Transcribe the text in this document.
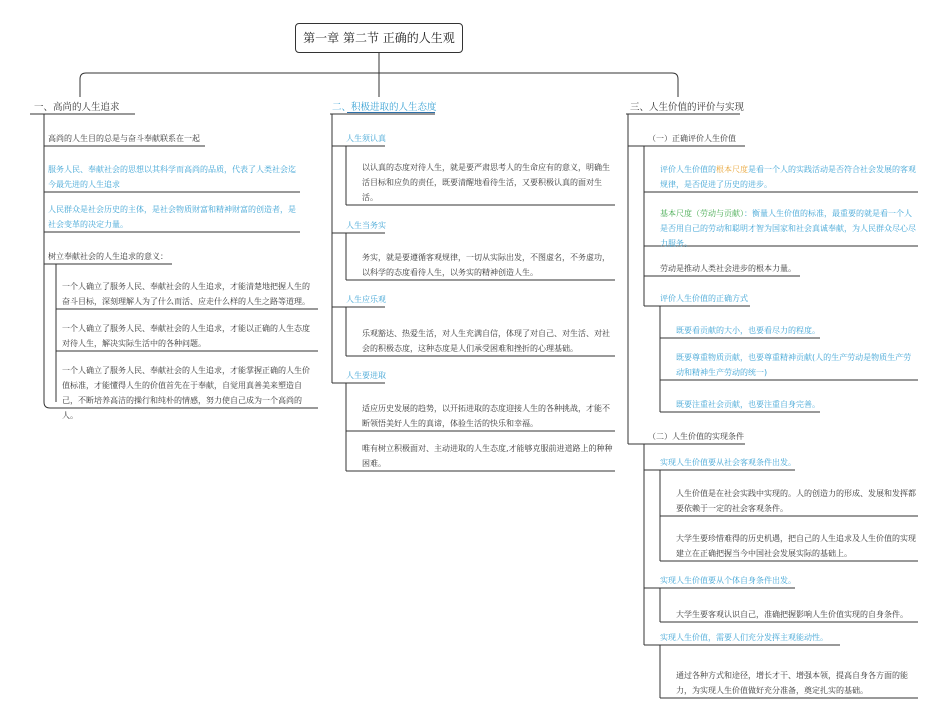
第一章 第二节 正确的人生观
一、高尚的人生追求
高尚的人生目的总是与奋斗奉献联系在一起
服务人民、奉献社会的思想以其科学而高尚的品质，代表了人类社会迄今最先进的人生追求
人民群众是社会历史的主体，是社会物质财富和精神财富的创造者，是社会变革的决定力量。
树立奉献社会的人生追求的意义：
一个人确立了服务人民、奉献社会的人生追求，才能清楚地把握人生的奋斗目标，深刻理解人为了什么而活、应走什么样的人生之路等道理。
一个人确立了服务人民、奉献社会的人生追求，才能以正确的人生态度对待人生，解决实际生活中的各种问题。
一个人确立了服务人民、奉献社会的人生追求，才能掌握正确的人生价值标准，才能懂得人生的价值首先在于奉献，自觉用真善美来塑造自己，不断培养高洁的操行和纯朴的情感，努力使自己成为一个高尚的人。
二、积极进取的人生态度
人生须认真
以认真的态度对待人生，就是要严肃思考人的生命应有的意义，明确生活目标和应负的责任，既要清醒地看待生活，又要积极认真的面对生活。
人生当务实
务实，就是要遵循客观规律，一切从实际出发，不图虚名，不务虚功，以科学的态度看待人生，以务实的精神创造人生。
人生应乐观
乐观豁达、热爱生活，对人生充满自信，体现了对自己、对生活、对社会的积极态度，这种态度是人们承受困难和挫折的心理基础。
人生要进取
适应历史发展的趋势，以开拓进取的态度迎接人生的各种挑战，才能不断领悟美好人生的真谛，体验生活的快乐和幸福。
唯有树立积极面对、主动进取的人生态度,才能够克服前进道路上的种种困难。
三、人生价值的评价与实现
（一）正确评价人生价值
评价人生价值的根本尺度是看一个人的实践活动是否符合社会发展的客观规律，是否促进了历史的进步。
基本尺度（劳动与贡献）：衡量人生价值的标准，最重要的就是看一个人是否用自己的劳动和聪明才智为国家和社会真诚奉献，为人民群众尽心尽力服务。
劳动是推动人类社会进步的根本力量。
评价人生价值的正确方式
既要看贡献的大小，也要看尽力的程度。
既要尊重物质贡献，也要尊重精神贡献(人的生产劳动是物质生产劳动和精神生产劳动的统一)
既要注重社会贡献，也要注重自身完善。
（二）人生价值的实现条件
实现人生价值要从社会客观条件出发。
人生价值是在社会实践中实现的。人的创造力的形成、发展和发挥都要依赖于一定的社会客观条件。
大学生要珍惜难得的历史机遇，把自己的人生追求及人生价值的实现建立在正确把握当今中国社会发展实际的基础上。
实现人生价值要从个体自身条件出发。
大学生要客观认识自己，准确把握影响人生价值实现的自身条件。
实现人生价值，需要人们充分发挥主观能动性。
通过各种方式和途径，增长才干、增强本领，提高自身各方面的能力，为实现人生价值做好充分准备，奠定扎实的基础。
